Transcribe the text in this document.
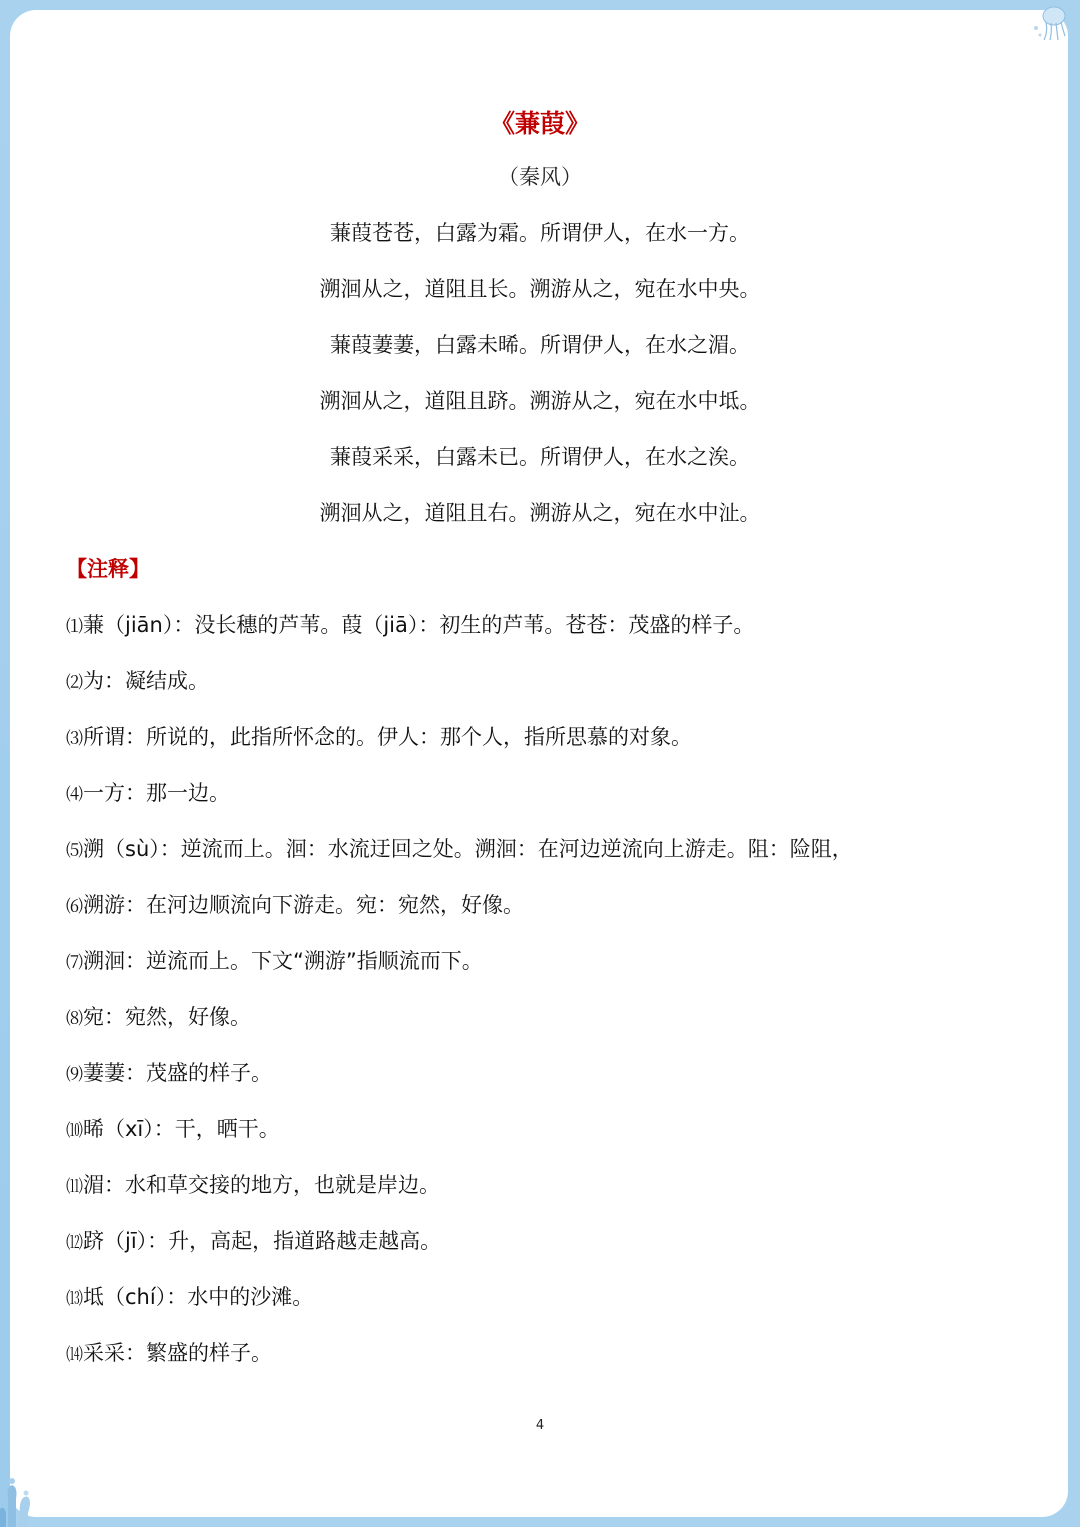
《蒹葭》
（秦风）
蒹葭苍苍，白露为霜。所谓伊人，在水一方。
溯洄从之，道阻且长。溯游从之，宛在水中央。
蒹葭萋萋，白露未晞。所谓伊人，在水之湄。
溯洄从之，道阻且跻。溯游从之，宛在水中坻。
蒹葭采采，白露未已。所谓伊人，在水之涘。
溯洄从之，道阻且右。溯游从之，宛在水中沚。
【注释】
⑴蒹（jiān）：没长穗的芦苇。葭（jiā）：初生的芦苇。苍苍：茂盛的样子。
⑵为：凝结成。
⑶所谓：所说的，此指所怀念的。伊人：那个人，指所思慕的对象。
⑷一方：那一边。
⑸溯（sù）：逆流而上。洄：水流迂回之处。溯洄：在河边逆流向上游走。阻：险阻，
⑹溯游：在河边顺流向下游走。宛：宛然，好像。
⑺溯洄：逆流而上。下文“溯游”指顺流而下。
⑻宛：宛然，好像。
⑼萋萋：茂盛的样子。
⑽晞（xī）：干，晒干。
⑾湄：水和草交接的地方，也就是岸边。
⑿跻（jī）：升，高起，指道路越走越高。
⒀坻（chí）：水中的沙滩。
⒁采采：繁盛的样子。
4
